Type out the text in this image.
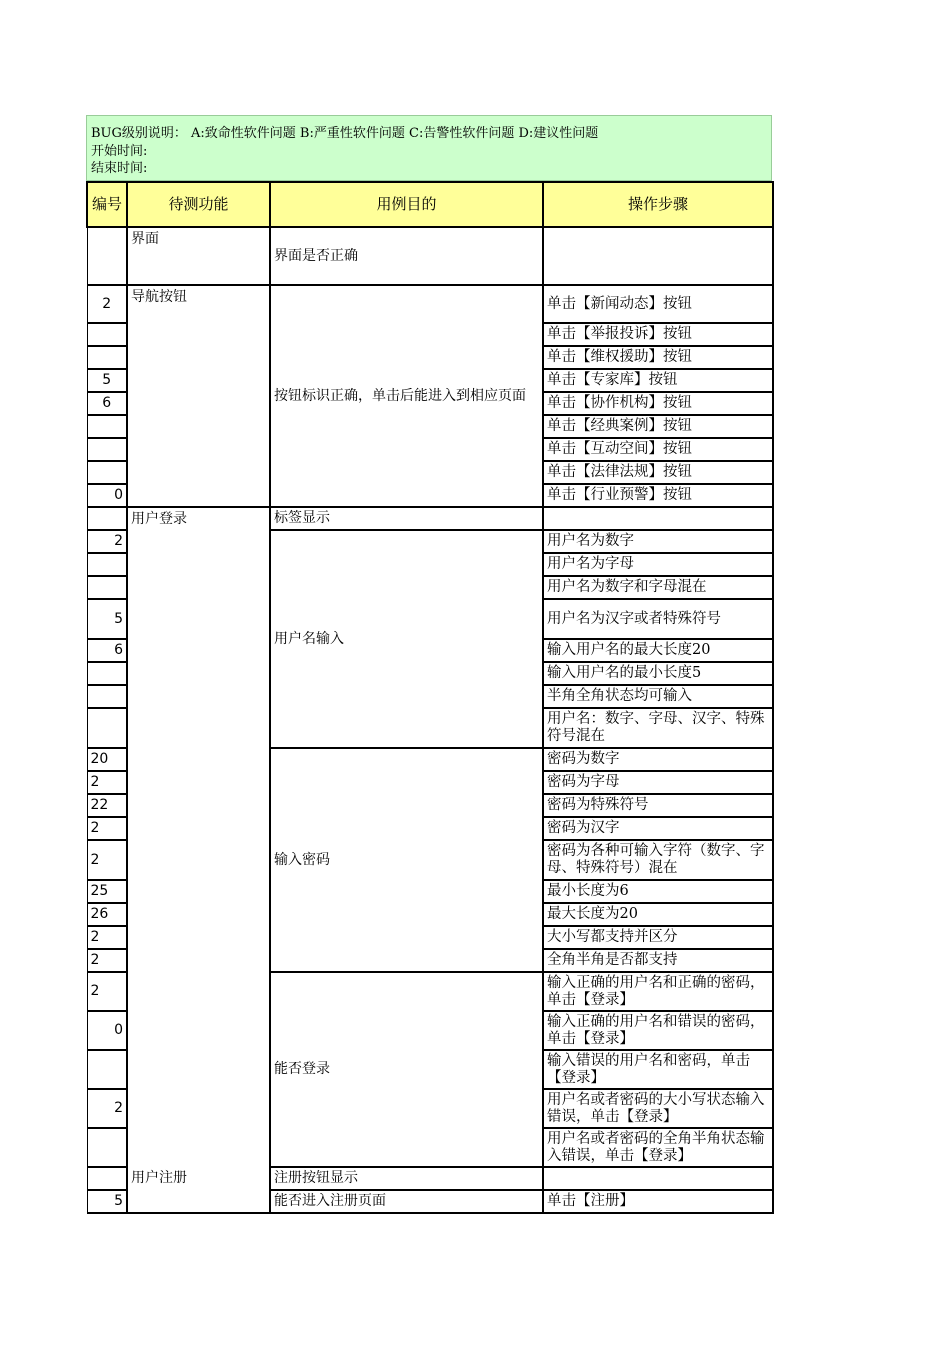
BUG级别说明： A:致命性软件问题 B:严重性软件问题 C:告警性软件问题 D:建议性问题
开始时间:
结束时间:
编号	待测功能	用例目的	操作步骤
	界面	界面是否正确	
2	导航按钮	按钮标识正确，单击后能进入到相应页面	单击【新闻动态】按钮
			单击【举报投诉】按钮
			单击【维权援助】按钮
5			单击【专家库】按钮
6			单击【协作机构】按钮
			单击【经典案例】按钮
			单击【互动空间】按钮
			单击【法律法规】按钮
0			单击【行业预警】按钮
	用户登录	标签显示	
2		用户名输入	用户名为数字
			用户名为字母
			用户名为数字和字母混在
5			用户名为汉字或者特殊符号
6			输入用户名的最大长度20
			输入用户名的最小长度5
			半角全角状态均可输入
			用户名：数字、字母、汉字、特殊符号混在
20		输入密码	密码为数字
2			密码为字母
22			密码为特殊符号
2			密码为汉字
2			密码为各种可输入字符（数字、字母、特殊符号）混在
25			最小长度为6
26			最大长度为20
2			大小写都支持并区分
2			全角半角是否都支持
2		能否登录	输入正确的用户名和正确的密码，单击【登录】
0			输入正确的用户名和错误的密码，单击【登录】
			输入错误的用户名和密码，单击【登录】
2			用户名或者密码的大小写状态输入错误，单击【登录】
			用户名或者密码的全角半角状态输入错误，单击【登录】
	用户注册	注册按钮显示	
5		能否进入注册页面	单击【注册】
